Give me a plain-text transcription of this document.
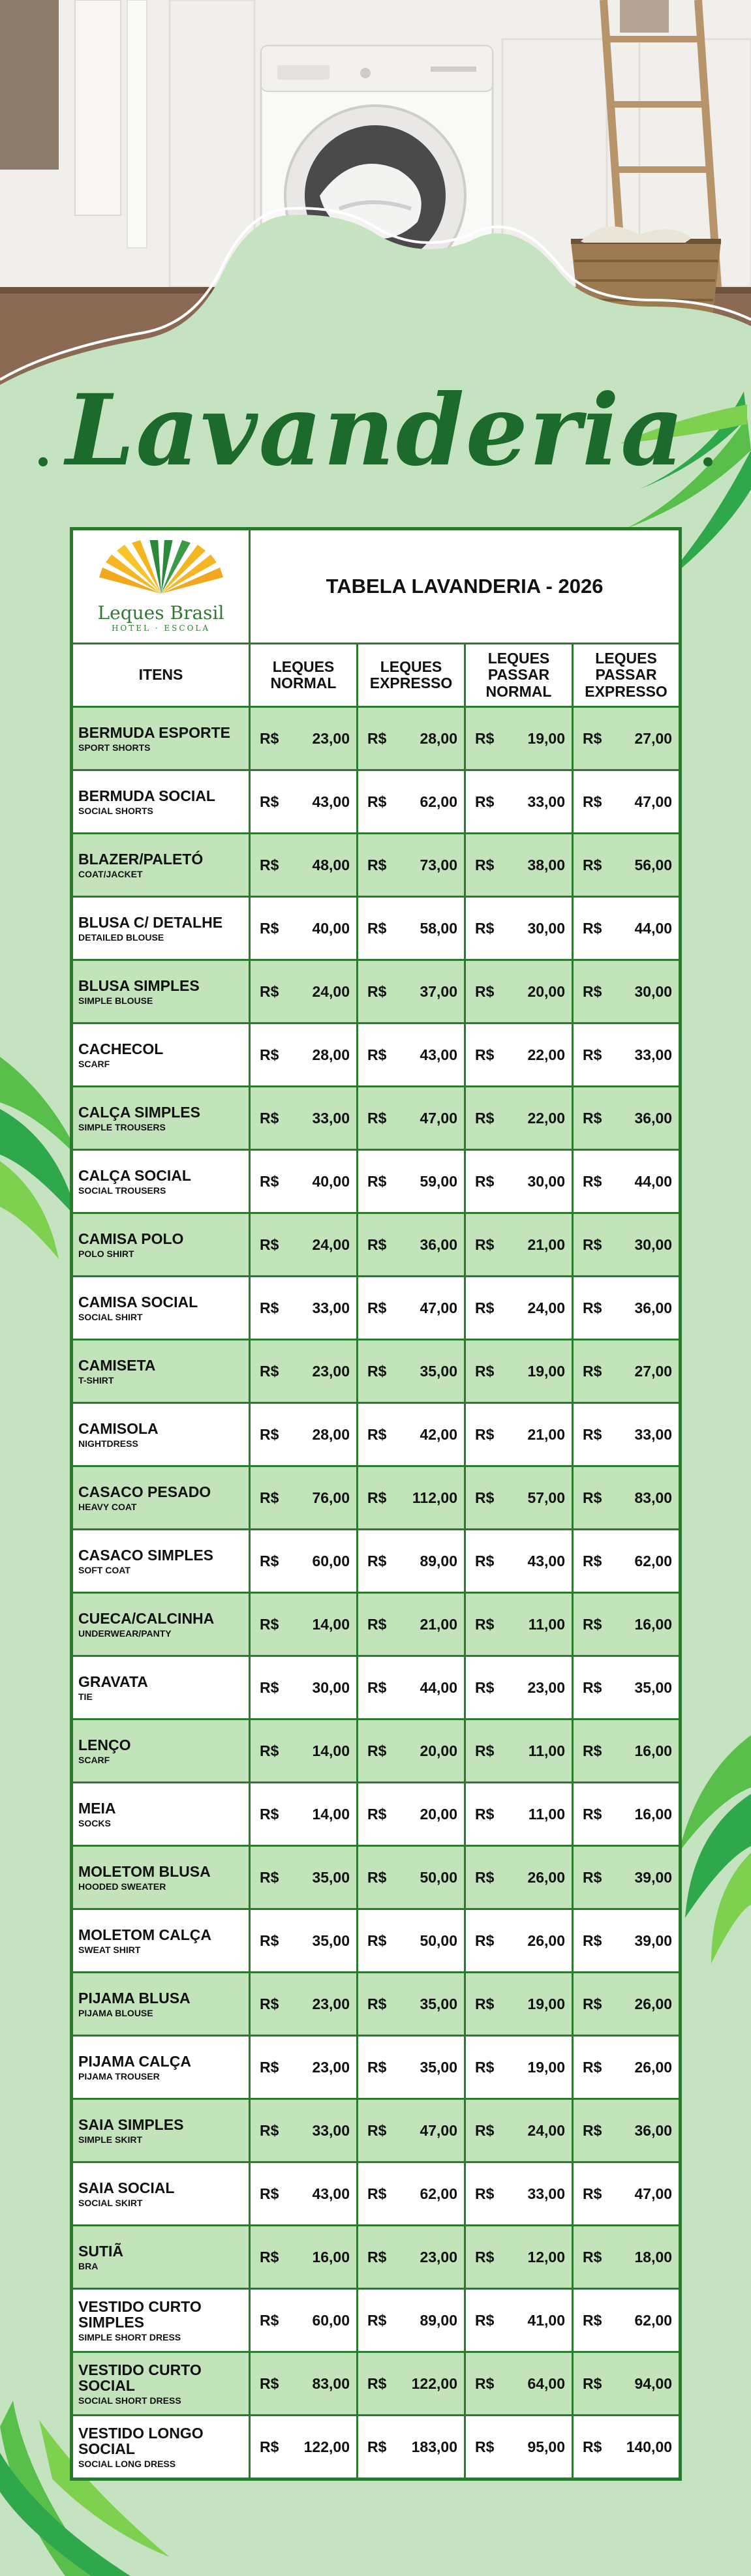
Lavanderia
Leques Brasil
HOTEL · ESCOLA	TABELA LAVANDERIA - 2026			
ITENS	LEQUES NORMAL	LEQUES EXPRESSO	LEQUES PASSAR NORMAL	LEQUES PASSAR EXPRESSO
BERMUDA ESPORTE
SPORT SHORTS	R$ 23,00	R$ 28,00	R$ 19,00	R$ 27,00

BERMUDA SOCIAL
SOCIAL SHORTS	R$ 43,00	R$ 62,00	R$ 33,00	R$ 47,00

BLAZER/PALETÓ
COAT/JACKET	R$ 48,00	R$ 73,00	R$ 38,00	R$ 56,00

BLUSA C/ DETALHE
DETAILED BLOUSE	R$ 40,00	R$ 58,00	R$ 30,00	R$ 44,00

BLUSA SIMPLES
SIMPLE BLOUSE	R$ 24,00	R$ 37,00	R$ 20,00	R$ 30,00

CACHECOL
SCARF	R$ 28,00	R$ 43,00	R$ 22,00	R$ 33,00

CALÇA SIMPLES
SIMPLE TROUSERS	R$ 33,00	R$ 47,00	R$ 22,00	R$ 36,00

CALÇA SOCIAL
SOCIAL TROUSERS	R$ 40,00	R$ 59,00	R$ 30,00	R$ 44,00

CAMISA POLO
POLO SHIRT	R$ 24,00	R$ 36,00	R$ 21,00	R$ 30,00

CAMISA SOCIAL
SOCIAL SHIRT	R$ 33,00	R$ 47,00	R$ 24,00	R$ 36,00

CAMISETA
T-SHIRT	R$ 23,00	R$ 35,00	R$ 19,00	R$ 27,00

CAMISOLA
NIGHTDRESS	R$ 28,00	R$ 42,00	R$ 21,00	R$ 33,00

CASACO PESADO
HEAVY COAT	R$ 76,00	R$ 112,00	R$ 57,00	R$ 83,00

CASACO SIMPLES
SOFT COAT	R$ 60,00	R$ 89,00	R$ 43,00	R$ 62,00

CUECA/CALCINHA
UNDERWEAR/PANTY	R$ 14,00	R$ 21,00	R$ 11,00	R$ 16,00

GRAVATA
TIE	R$ 30,00	R$ 44,00	R$ 23,00	R$ 35,00

LENÇO
SCARF	R$ 14,00	R$ 20,00	R$ 11,00	R$ 16,00

MEIA
SOCKS	R$ 14,00	R$ 20,00	R$ 11,00	R$ 16,00

MOLETOM BLUSA
HOODED SWEATER	R$ 35,00	R$ 50,00	R$ 26,00	R$ 39,00

MOLETOM CALÇA
SWEAT SHIRT	R$ 35,00	R$ 50,00	R$ 26,00	R$ 39,00

PIJAMA BLUSA
PIJAMA BLOUSE	R$ 23,00	R$ 35,00	R$ 19,00	R$ 26,00

PIJAMA CALÇA
PIJAMA TROUSER	R$ 23,00	R$ 35,00	R$ 19,00	R$ 26,00

SAIA SIMPLES
SIMPLE SKIRT	R$ 33,00	R$ 47,00	R$ 24,00	R$ 36,00

SAIA SOCIAL
SOCIAL SKIRT	R$ 43,00	R$ 62,00	R$ 33,00	R$ 47,00

SUTIÃ
BRA	R$ 16,00	R$ 23,00	R$ 12,00	R$ 18,00

VESTIDO CURTO SIMPLES
SIMPLE SHORT DRESS	R$ 60,00	R$ 89,00	R$ 41,00	R$ 62,00

VESTIDO CURTO SOCIAL
SOCIAL SHORT DRESS	R$ 83,00	R$ 122,00	R$ 64,00	R$ 94,00

VESTIDO LONGO SOCIAL
SOCIAL LONG DRESS	R$ 122,00	R$ 183,00	R$ 95,00	R$ 140,00
